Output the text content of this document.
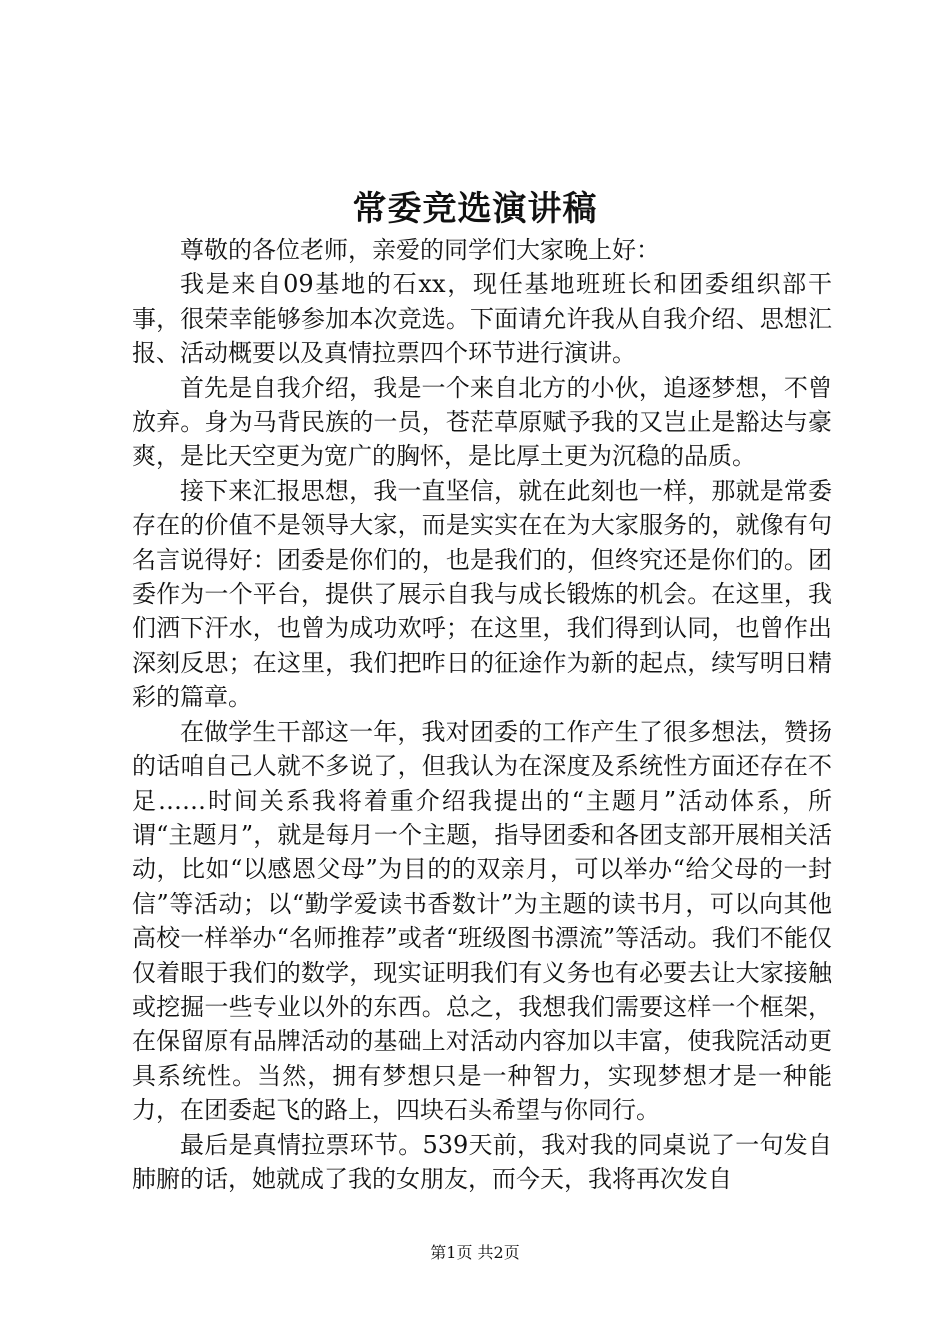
常委竞选演讲稿

尊敬的各位老师，亲爱的同学们大家晚上好：

我是来自09基地的石xx，现任基地班班长和团委组织部干事，很荣幸能够参加本次竞选。下面请允许我从自我介绍、思想汇报、活动概要以及真情拉票四个环节进行演讲。

首先是自我介绍，我是一个来自北方的小伙，追逐梦想，不曾放弃。身为马背民族的一员，苍茫草原赋予我的又岂止是豁达与豪爽，是比天空更为宽广的胸怀，是比厚土更为沉稳的品质。

接下来汇报思想，我一直坚信，就在此刻也一样，那就是常委存在的价值不是领导大家，而是实实在在为大家服务的，就像有句名言说得好：团委是你们的，也是我们的，但终究还是你们的。团委作为一个平台，提供了展示自我与成长锻炼的机会。在这里，我们洒下汗水，也曾为成功欢呼；在这里，我们得到认同，也曾作出深刻反思；在这里，我们把昨日的征途作为新的起点，续写明日精彩的篇章。

在做学生干部这一年，我对团委的工作产生了很多想法，赞扬的话咱自己人就不多说了，但我认为在深度及系统性方面还存在不足……时间关系我将着重介绍我提出的“主题月”活动体系，所谓“主题月”，就是每月一个主题，指导团委和各团支部开展相关活动，比如“以感恩父母”为目的的双亲月，可以举办“给父母的一封信”等活动；以“勤学爱读书香数计”为主题的读书月，可以向其他高校一样举办“名师推荐”或者“班级图书漂流”等活动。我们不能仅仅着眼于我们的数学，现实证明我们有义务也有必要去让大家接触或挖掘一些专业以外的东西。总之，我想我们需要这样一个框架，在保留原有品牌活动的基础上对活动内容加以丰富，使我院活动更具系统性。当然，拥有梦想只是一种智力，实现梦想才是一种能力，在团委起飞的路上，四块石头希望与你同行。

最后是真情拉票环节。539天前，我对我的同桌说了一句发自肺腑的话，她就成了我的女朋友，而今天，我将再次发自

第1页 共2页
